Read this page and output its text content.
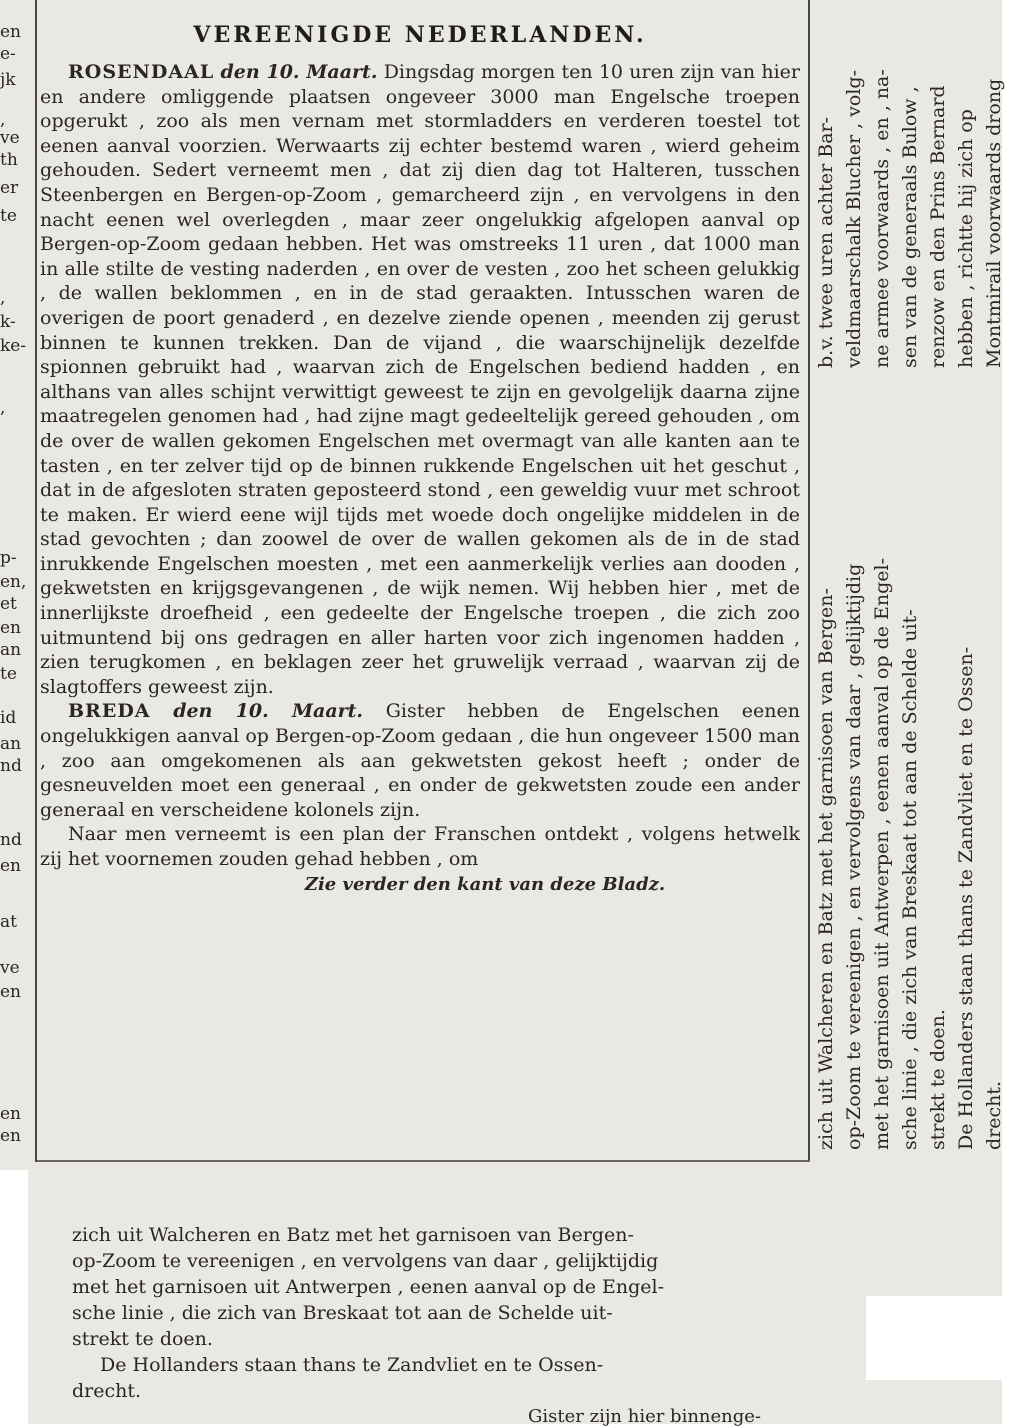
en
e-
jk
,
ve
th
er
te
,
k-
ke-
,
p-
en,
et
en
an
te
id
an
nd
nd
en
at
ve
en
en
en
VEREENIGDE NEDERLANDEN.

ROSENDAAL den 10. Maart. Dingsdag morgen ten 10 uren zijn van hier en andere omliggende plaatsen ongeveer 3000 man Engelsche troepen opgerukt , zoo als men vernam met stormladders en verderen toestel tot eenen aanval voorzien. Werwaarts zij echter bestemd waren , wierd geheim gehouden. Sedert verneemt men , dat zij dien dag tot Halteren, tusschen Steenbergen en Bergen-op-Zoom , gemarcheerd zijn , en vervolgens in den nacht eenen wel overlegden , maar zeer ongelukkig afgelopen aanval op Bergen-op-Zoom gedaan hebben. Het was omstreeks 11 uren , dat 1000 man in alle stilte de vesting naderden , en over de vesten , zoo het scheen gelukkig , de wallen beklommen , en in de stad geraakten. Intusschen waren de overigen de poort genaderd , en dezelve ziende openen , meenden zij gerust binnen te kunnen trekken. Dan de vijand , die waarschijnelijk dezelfde spionnen gebruikt had , waarvan zich de Engelschen bediend hadden , en althans van alles schijnt verwittigt geweest te zijn en gevolgelijk daarna zijne maatregelen genomen had , had zijne magt gedeeltelijk gereed gehouden , om de over de wallen gekomen Engelschen met overmagt van alle kanten aan te tasten , en ter zelver tijd op de binnen rukkende Engelschen uit het geschut , dat in de afgesloten straten geposteerd stond , een geweldig vuur met schroot te maken. Er wierd eene wijl tijds met woede doch ongelijke middelen in de stad gevochten ; dan zoowel de over de wallen gekomen als de in de stad inrukkende Engelschen moesten , met een aanmerkelijk verlies aan dooden , gekwetsten en krijgsgevangenen , de wijk nemen. Wij hebben hier , met de innerlijkste droefheid , een gedeelte der Engelsche troepen , die zich zoo uitmuntend bij ons gedragen en aller harten voor zich ingenomen hadden , zien terugkomen , en beklagen zeer het gruwelijk verraad , waarvan zij de slagtoffers geweest zijn.

BREDA den 10. Maart. Gister hebben de Engelschen eenen ongelukkigen aanval op Bergen-op-Zoom gedaan , die hun ongeveer 1500 man , zoo aan omgekomenen als aan gekwetsten gekost heeft ; onder de gesneuvelden moet een generaal , en onder de gekwetsten zoude een ander generaal en verscheidene kolonels zijn.

Naar men verneemt is een plan der Franschen ontdekt , volgens hetwelk zij het voornemen zouden gehad hebben , om

Zie verder den kant van deze Bladz.	zich uit Walcheren en Batz met het garnisoen van Bergen- op-Zoom te vereenigen , en vervolgens van daar , gelijktijdig met het garnisoen uit Antwerpen , eenen aanval op de Engel- sche linie , die zich van Breskaat tot aan de Schelde uit- strekt te doen. De Hollanders staan thans te Zandvliet en te Ossen- drecht.
b.v. twee uren achter Bar- veldmaarschalk Blucher , volg- ne armee voorwaards , en , na- sen van de generaals Bulow , renzow en den Prins Bernard hebben , richtte hij zich op Montmirail voorwaards drong
zich uit Walcheren en Batz met het garnisoen van Bergen-
op-Zoom te vereenigen , en vervolgens van daar , gelijktijdig
met het garnisoen uit Antwerpen , eenen aanval op de Engel-
sche linie , die zich van Breskaat tot aan de Schelde uit-
strekt te doen.
De Hollanders staan thans te Zandvliet en te Ossen-
drecht.
Gister zijn hier binnenge-
